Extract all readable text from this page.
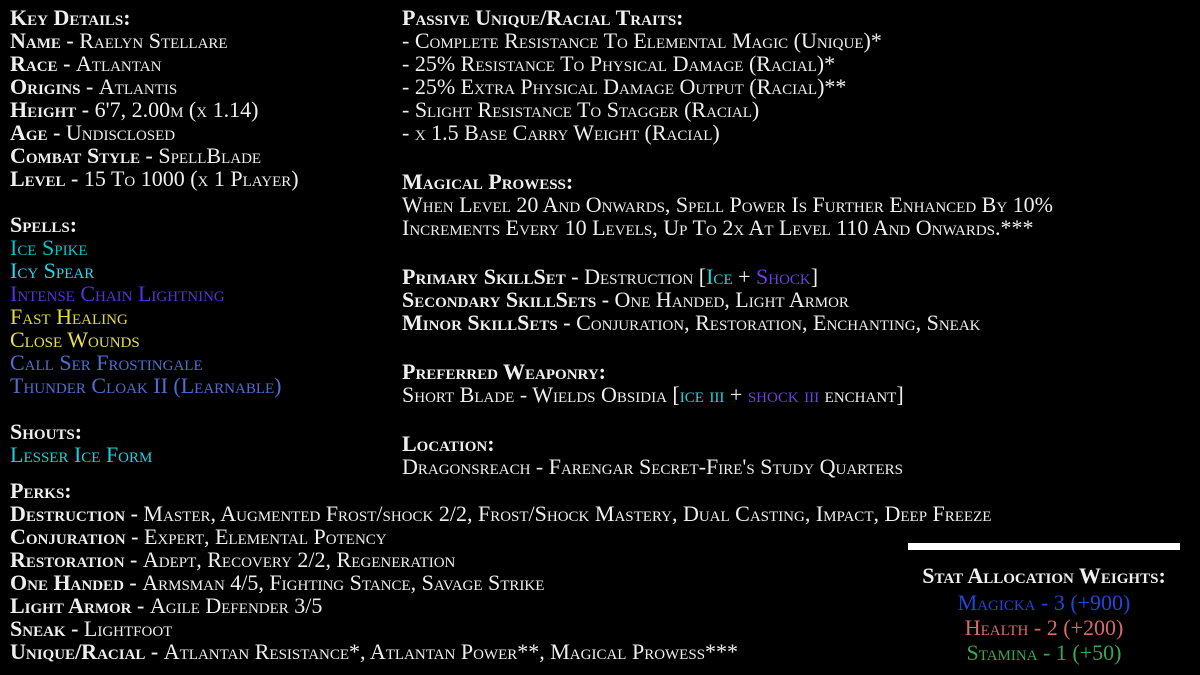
Key Details:
Name - Raelyn Stellare
Race - Atlantan
Origins - Atlantis
Height - 6'7, 2.00m (x 1.14)
Age - Undisclosed
Combat Style - SpellBlade
Level - 15 To 1000 (x 1 Player)
Spells:
Ice Spike
Icy Spear
Intense Chain Lightning
Fast Healing
Close Wounds
Call Ser Frostingale
Thunder Cloak II (Learnable)
Shouts:
Lesser Ice Form
Passive Unique/Racial Traits:
- Complete Resistance To Elemental Magic (Unique)*
- 25% Resistance To Physical Damage (Racial)*
- 25% Extra Physical Damage Output (Racial)**
- Slight Resistance To Stagger (Racial)
- x 1.5 Base Carry Weight (Racial)
Magical Prowess:
When Level 20 And Onwards, Spell Power Is Further Enhanced By 10% Increments Every 10 Levels, Up To 2x At Level 110 And Onwards.***
Primary SkillSet - Destruction [Ice + Shock]
Secondary SkillSets - One Handed, Light Armor
Minor SkillSets - Conjuration, Restoration, Enchanting, Sneak
Preferred Weaponry:
Short Blade - Wields Obsidia [ice iii + shock iii enchant]
Location:
Dragonsreach - Farengar Secret-Fire's Study Quarters
Perks:
Destruction - Master, Augmented Frost/shock 2/2, Frost/Shock Mastery, Dual Casting, Impact, Deep Freeze
Conjuration - Expert, Elemental Potency
Restoration - Adept, Recovery 2/2, Regeneration
One Handed - Armsman 4/5, Fighting Stance, Savage Strike
Light Armor - Agile Defender 3/5
Sneak - Lightfoot
Unique/Racial - Atlantan Resistance*, Atlantan Power**, Magical Prowess***
Stat Allocation Weights:
Magicka - 3 (+900)
Health - 2 (+200)
Stamina - 1 (+50)
